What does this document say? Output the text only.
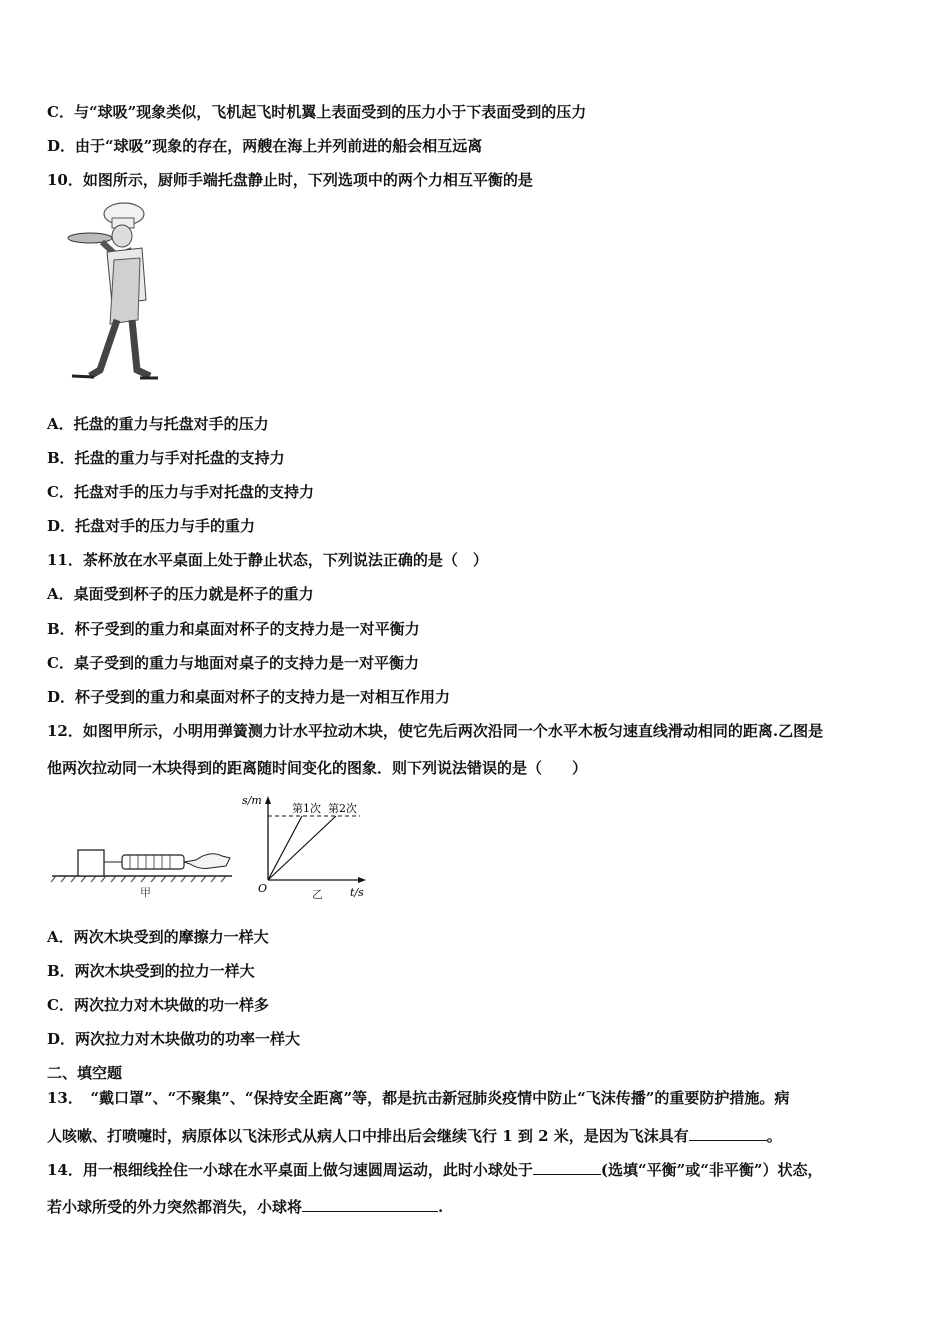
C．与“球吸”现象类似，飞机起飞时机翼上表面受到的压力小于下表面受到的压力
D．由于“球吸”现象的存在，两艘在海上并列前进的船会相互远离
10．如图所示，厨师手端托盘静止时，下列选项中的两个力相互平衡的是
A．托盘的重力与托盘对手的压力
B．托盘的重力与手对托盘的支持力
C．托盘对手的压力与手对托盘的支持力
D．托盘对手的压力与手的重力
11．茶杯放在水平桌面上处于静止状态，下列说法正确的是（　）
A．桌面受到杯子的压力就是杯子的重力
B．杯子受到的重力和桌面对杯子的支持力是一对平衡力
C．桌子受到的重力与地面对桌子的支持力是一对平衡力
D．杯子受到的重力和桌面对杯子的支持力是一对相互作用力
12．如图甲所示，小明用弹簧测力计水平拉动木块，使它先后两次沿同一个水平木板匀速直线滑动相同的距离.乙图是
他两次拉动同一木块得到的距离随时间变化的图象．则下列说法错误的是（　　）
甲
s/m
t/s
O
第1次 第2次
乙
A．两次木块受到的摩擦力一样大
B．两次木块受到的拉力一样大
C．两次拉力对木块做的功一样多
D．两次拉力对木块做功的功率一样大
二、填空题
13．　“戴口罩”、“不聚集”、“保持安全距离”等，都是抗击新冠肺炎疫情中防止“飞沫传播”的重要防护措施。病
人咳嗽、打喷嚏时，病原体以飞沫形式从病人口中排出后会继续飞行 1 到 2 米，是因为飞沫具有	。
14．用一根细线拴住一小球在水平桌面上做匀速圆周运动，此时小球处于	(选填“平衡”或“非平衡”）状态，
若小球所受的外力突然都消失，小球将	.
